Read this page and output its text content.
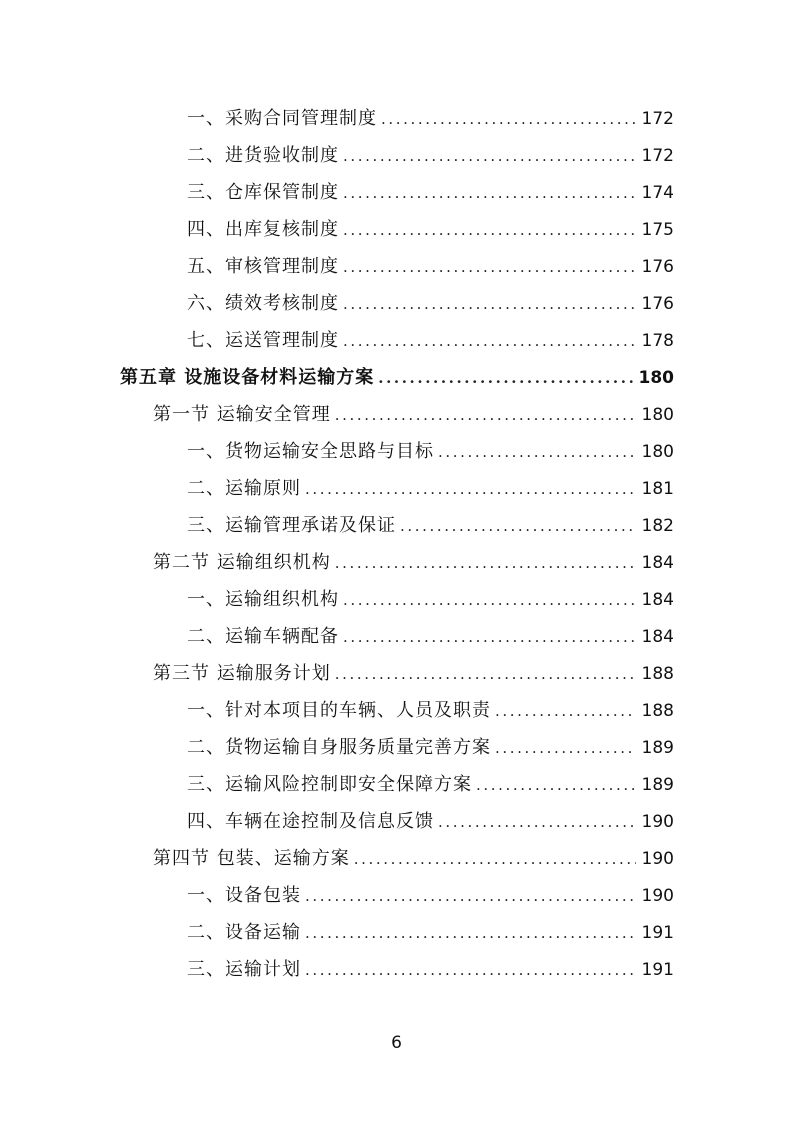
一、采购合同管理制度 .....	172
二、进货验收制度 .....	172
三、仓库保管制度 .....	174
四、出库复核制度 .....	175
五、审核管理制度 .....	176
六、绩效考核制度 .....	176
七、运送管理制度 .....	178
第五章 设施设备材料运输方案 .....	180
第一节 运输安全管理 .....	180
一、货物运输安全思路与目标 .....	180
二、运输原则 .....	181
三、运输管理承诺及保证 .....	182
第二节 运输组织机构 .....	184
一、运输组织机构 .....	184
二、运输车辆配备 .....	184
第三节 运输服务计划 .....	188
一、针对本项目的车辆、人员及职责 .....	188
二、货物运输自身服务质量完善方案 .....	189
三、运输风险控制即安全保障方案 .....	189
四、车辆在途控制及信息反馈 .....	190
第四节 包装、运输方案 .....	190
一、设备包装 .....	190
二、设备运输 .....	191
三、运输计划 .....	191
6
